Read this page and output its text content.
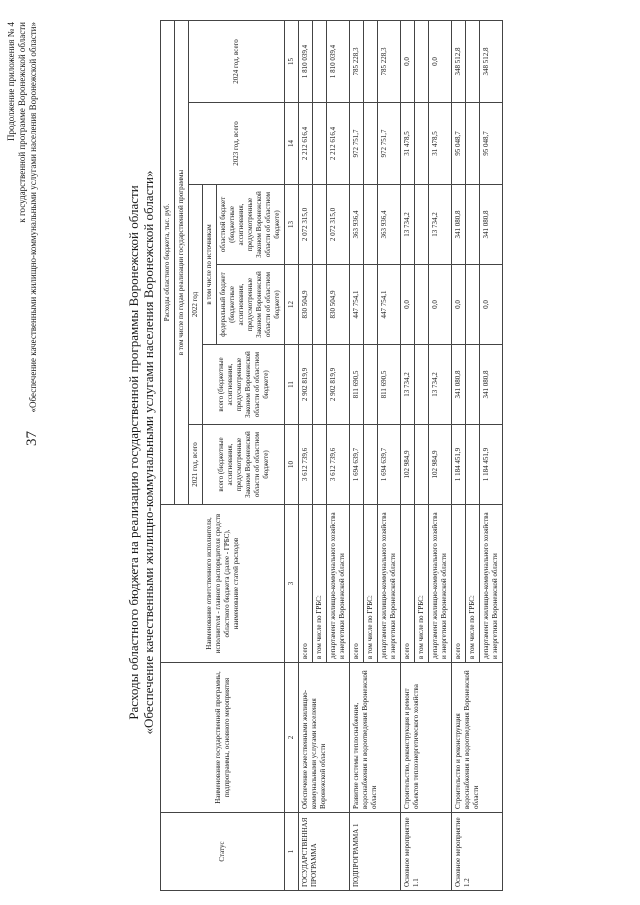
37
Продолжение приложения № 4 к государственной программе Воронежской области «Обеспечение качественными жилищно-коммунальными услугами населения Воронежской области»	Расходы областного бюджета на реализацию государственной программы Воронежской области «Обеспечение качественными жилищно-коммунальными услугами населения Воронежской области»
Статус	Наименование государственной программы, подпрограммы, основного мероприятия	Наименование ответственного исполнителя, исполнителя - главного распорядителя средств областного бюджета (далее - ГРБС), наименование статей расходов	Расходы областного бюджета, тыс. руб.					
			в том числе по годам реализации государственной программы					
			2021 год, всего	2022 год			2023 год, всего	2024 год, всего
			всего (бюджетные ассигнования, предусмотренные Законом Воронежской области об областном бюджете)	всего (бюджетные ассигнования, предусмотренные Законом Воронежской области об областном бюджете)	в том числе по источникам			
					федеральный бюджет (бюджетные ассигнования, предусмотренные Законом Воронежской области об областном бюджете)	областной бюджет (бюджетные ассигнования, предусмотренные Законом Воронежской области об областном бюджете)		
1	2	3	10	11	12	13	14	15
ГОСУДАРСТВЕННАЯ ПРОГРАММА	Обеспечение качественными жилищно-коммунальными услугами населения Воронежской области	всего	3 612 739,6	2 902 819,9	830 504,9	2 072 315,0	2 212 616,4	1 810 039,4
		в том числе по ГРБС:						
		департамент жилищно-коммунального хозяйства и энергетики Воронежской области	3 612 739,6	2 902 819,9	830 504,9	2 072 315,0	2 212 616,4	1 810 039,4
ПОДПРОГРАММА 1	Развитие системы теплоснабжения, водоснабжения и водоотведения Воронежской области	всего	1 694 639,7	811 690,5	447 754,1	363 936,4	972 751,7	785 228,3
		в том числе по ГРБС:						
		департамент жилищно-коммунального хозяйства и энергетики Воронежской области	1 694 639,7	811 690,5	447 754,1	363 936,4	972 751,7	785 228,3
Основное мероприятие 1.1	Строительство, реконструкция и ремонт объектов теплоэнергетического хозяйства	всего	102 984,9	13 734,2	0,0	13 734,2	31 478,5	0,0
		в том числе по ГРБС:						
		департамент жилищно-коммунального хозяйства и энергетики Воронежской области	102 984,9	13 734,2	0,0	13 734,2	31 478,5	0,0
Основное мероприятие 1.2	Строительство и реконструкция водоснабжения и водоотведения Воронежской области	всего	1 184 451,9	341 080,8	0,0	341 080,8	95 048,7	348 512,8
		в том числе по ГРБС:						
		департамент жилищно-коммунального хозяйства и энергетики Воронежской области	1 184 451,9	341 080,8	0,0	341 080,8	95 048,7	348 512,8
